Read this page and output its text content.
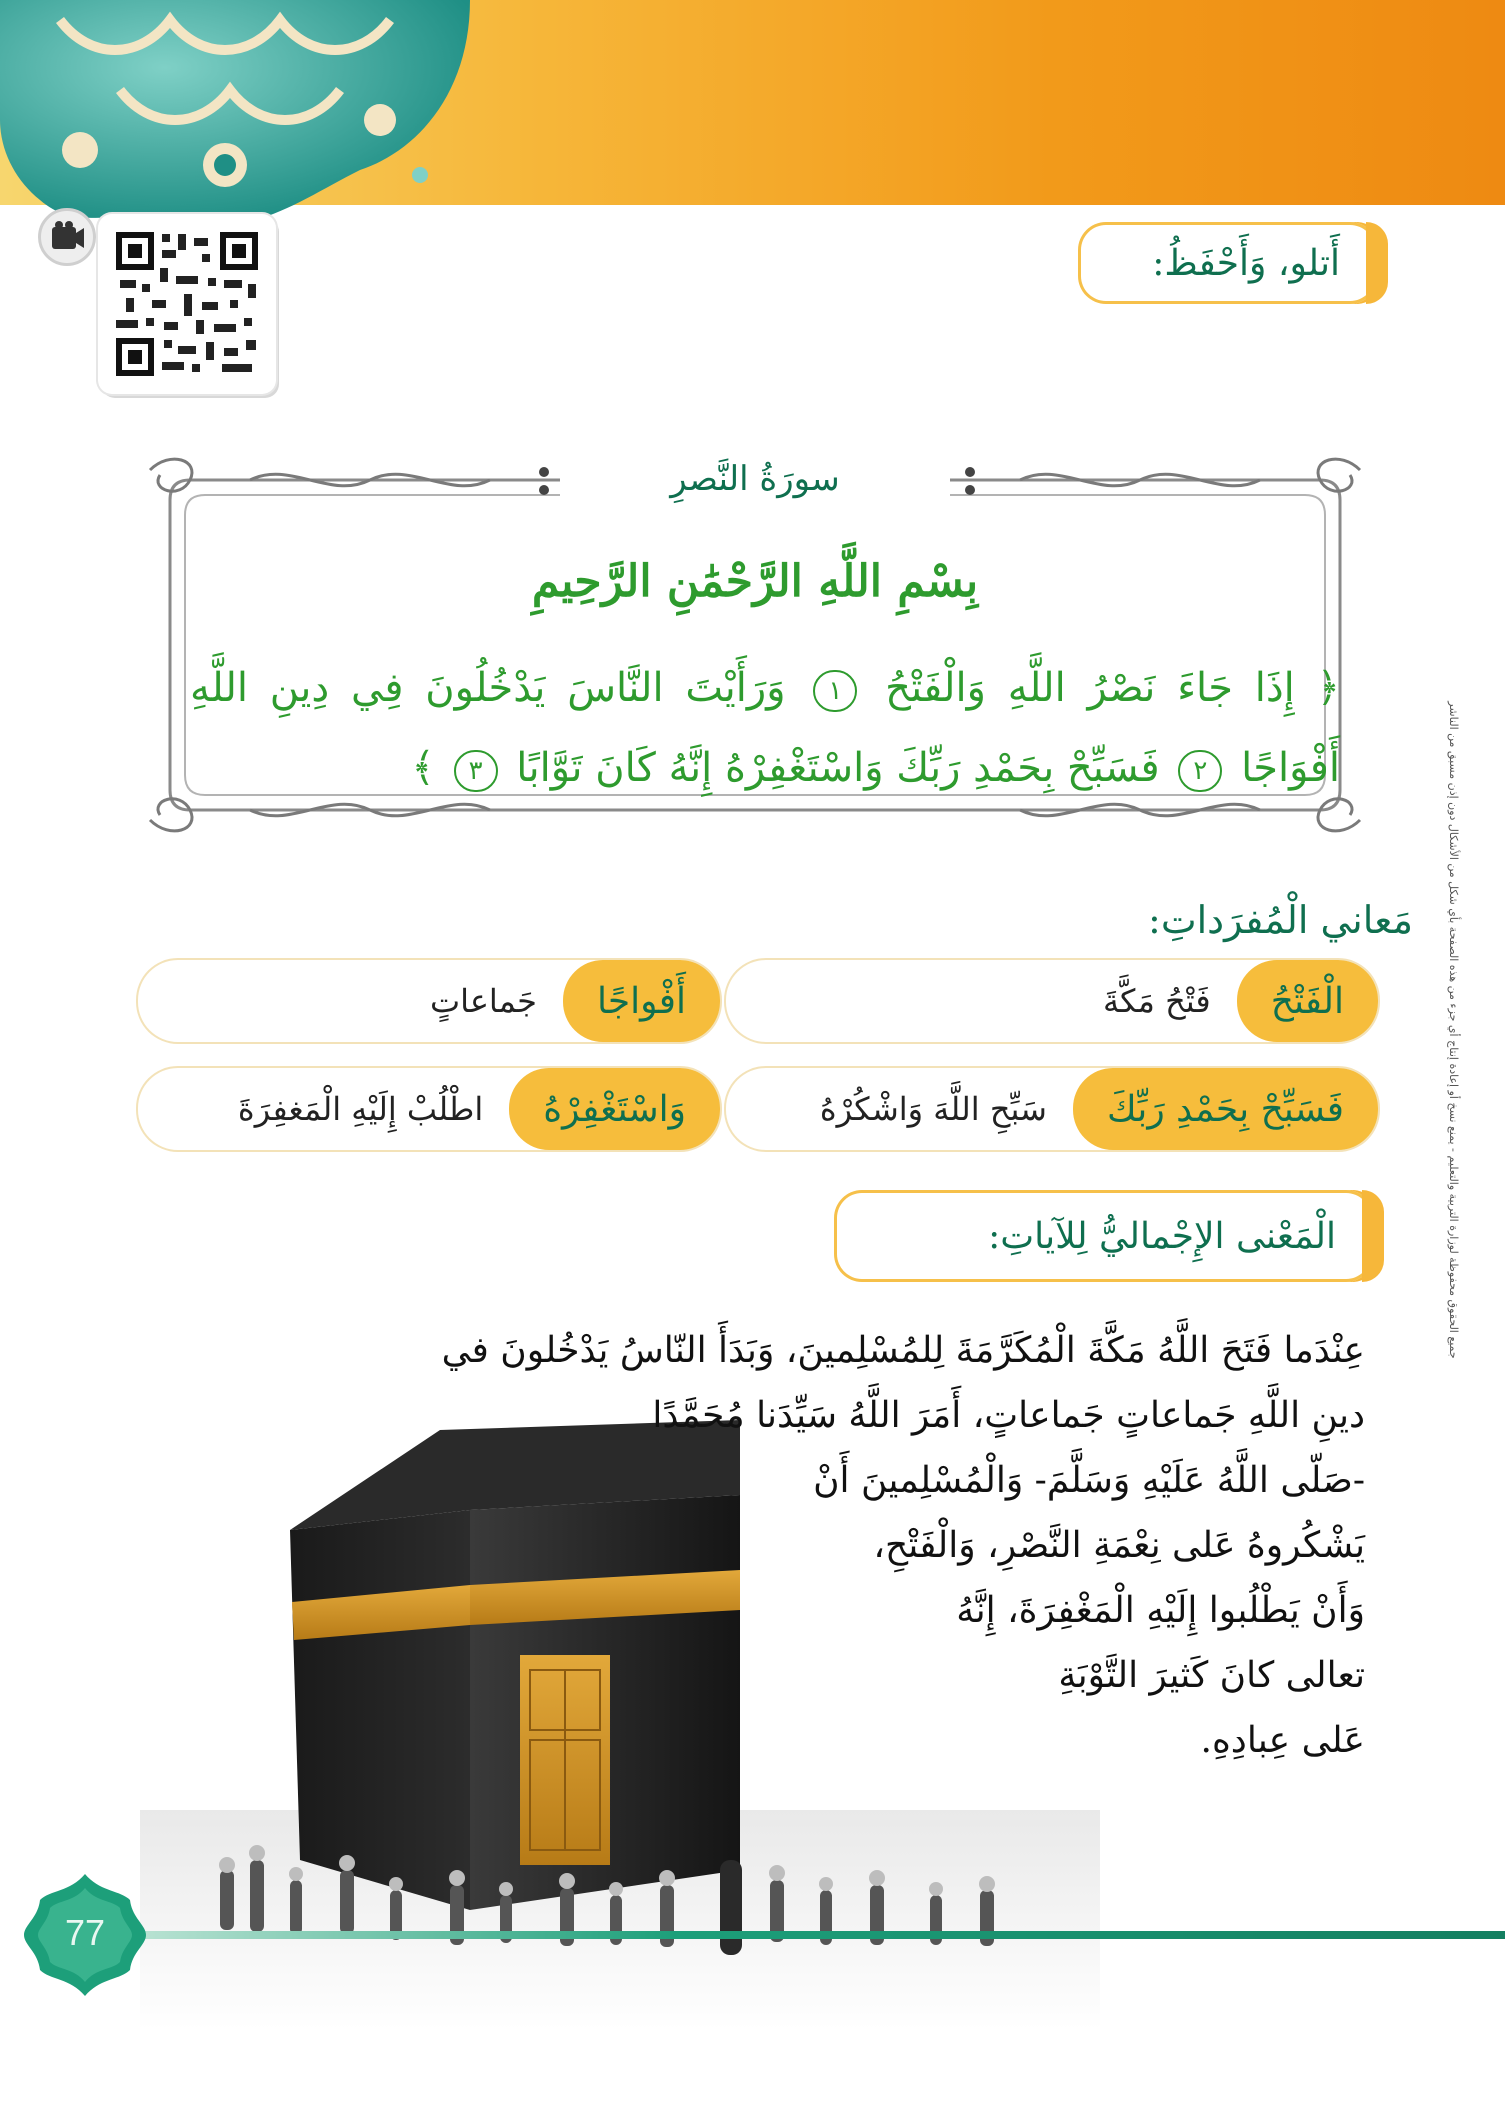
أَتلو، وَأَحْفَظُ:
جميع الحقوق محفوظة لوزارة التربية والتعليم - يمنع نسخ أو إعادة إنتاج أي جزء من هذه الصفحة بأي شكل من الأشكال دون إذن مسبق من الناشر
سورَةُ النَّصرِ
بِسْمِ اللَّهِ الرَّحْمَٰنِ الرَّحِيمِ
﴿ إِذَا جَاءَ نَصْرُ اللَّهِ وَالْفَتْحُ ١ وَرَأَيْتَ النَّاسَ يَدْخُلُونَ فِي دِينِ اللَّهِ أَفْوَاجًا ٢ فَسَبِّحْ بِحَمْدِ رَبِّكَ وَاسْتَغْفِرْهُ إِنَّهُ كَانَ تَوَّابًا ٣ ﴾
مَعاني الْمُفرَداتِ:
الْفَتْحُ
فَتْحُ مَكَّةَ
أَفْواجًا
جَماعاتٍ
فَسَبِّحْ بِحَمْدِ رَبِّكَ
سَبِّحِ اللَّهَ وَاشْكُرْهُ
وَاسْتَغْفِرْهُ
اطْلُبْ إِلَيْهِ الْمَغفِرَةَ
الْمَعْنى الإِجْماليُّ لِلآياتِ:
عِنْدَما فَتَحَ اللَّهُ مَكَّةَ الْمُكَرَّمَةَ لِلمُسْلِمينَ، وَبَدَأَ النّاسُ يَدْخُلونَ في
دينِ اللَّهِ جَماعاتٍ جَماعاتٍ، أَمَرَ اللَّهُ سَيِّدَنا مُحَمَّدًا
-صَلّى اللَّهُ عَلَيْهِ وَسَلَّمَ- وَالْمُسْلِمينَ أَنْ
يَشْكُروهُ عَلى نِعْمَةِ النَّصْرِ، وَالْفَتْحِ،
وَأَنْ يَطْلُبوا إِلَيْهِ الْمَغْفِرَةَ، إِنَّهُ
تعالى كانَ كَثيرَ التَّوْبَةِ
عَلى عِبادِهِ.
77
